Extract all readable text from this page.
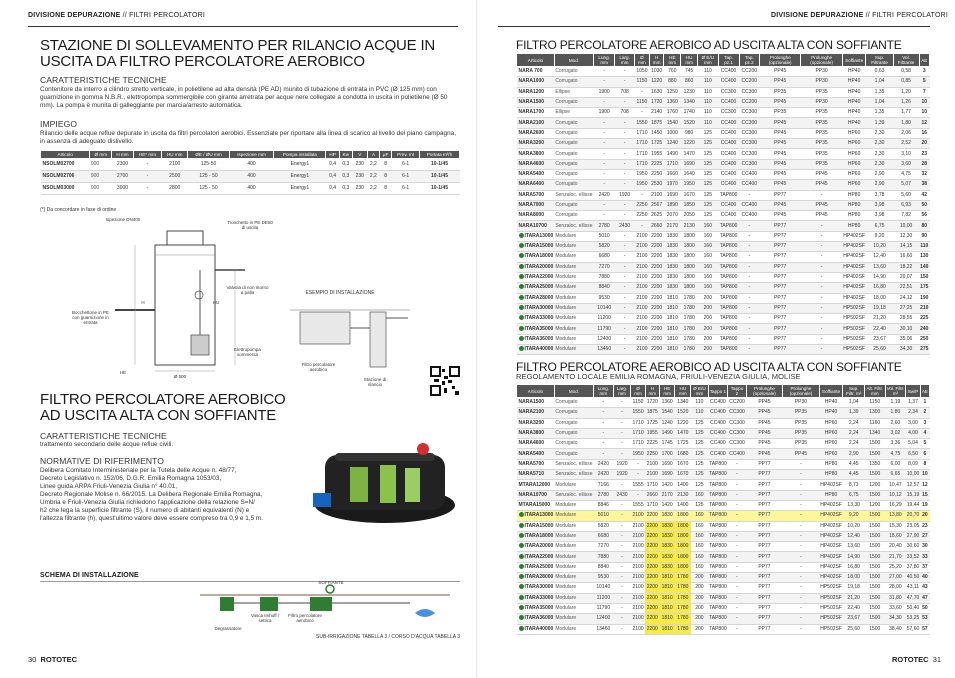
DIVISIONE DEPURAZIONE // FILTRI PERCOLATORI
STAZIONE DI SOLLEVAMENTO PER RILANCIO ACQUE IN USCITA DA FILTRO PERCOLATORE AEROBICO
CARATTERISTICHE TECNICHE
Contenitore da interro a cilindro stretto verticale, in polietilene ad alta densità (PE AD) munito di tubazione di entrata in PVC (Ø 125 mm) con guarnizione in gomma N.B.R., elettropompa sommergibile con girante arretrata per acque nere collegate a condotta in uscita in polietilene (Ø 50 mm). La pompa è munita di galleggiante per marcia/arresto automatica.
IMPIEGO
Rilancio delle acque reflue depurate in uscita da filtri percolatori aerobici. Essenziale per riportare alla linea di scarico al livello del piano campagna, in assenza di adeguato dislivello.
Articolo	Ø mm	H mm	HE* mm	HU mm	ØE / ØU mm	Ispezione mm	Pompa installata	HP	Kw	V	A	µF	Prev. mt	Portata m³/h
NSOLM02700	900	2300	-	2100	125-50	400	Energy1	0,4	0,3	230	2,2	8	6-1	10-1/45
NSOLM02706	900	2700	-	2500	125 - 50	400	Energy1	0,4	0,3	230	2,2	8	6-1	10-1/45
NSOLM03000	900	3000	-	2800	125 - 50	400	Energy1	0,4	0,3	230	2,2	8	6-1	10-1/45
(*) Da concordare in fase di ordine
Ispezione DN400
Tronchetto in PE DE50 di uscita
Valvola di non ritorno a palla
Bocchettone in PE con guarnizione in entrata
Elettropompa sommersa
H	HU
HE
Ø 500
ESEMPIO DI INSTALLAZIONE
Filtro percolatore aerobico
Stazione di rilancio
FILTRO PERCOLATORE AEROBICO AD USCITA ALTA CON SOFFIANTE
CARATTERISTICHE TECNICHE
trattamento secondario delle acque reflue civili.
NORMATIVE DI RIFERIMENTO
Delibera Comitato Interministeriale per la Tutela delle Acque n. 48/77,
Decreto Legislativo n. 152/06, D.G.R. Emilia Romagna 1053/03,
Linee guida ARPA Friuli-Venezia Giulia n° 40.01,
Decreto Regionale Molise n. 66/2015. La Delibera Regionale Emilia Romagna,
Umbria e Friuli-Venezia Giulia richiedono l'applicazione della relazione S=N/
h2 che lega la superficie filtrante (S), il numero di abitanti equivalenti (N) e
l'altezza filtrante (h), quest'ultimo valore deve essere compreso tra 0,9 e 1,5 m.
SCHEMA DI INSTALLAZIONE
SOFFIANTE
Vasca Imhoff / settica
Filtro percolatore aerobico
Degrassatore
SUB-IRRIGAZIONE TABELLA 3 / CORSO D'ACQUA TABELLA 3
30 ROTOTEC
DIVISIONE DEPURAZIONE // FILTRI PERCOLATORI
FILTRO PERCOLATORE AEROBICO AD USCITA ALTA CON SOFFIANTE
Articolo	Mod.	Lung. mm	Larg. mm	Ø mm	H mm	HE mm	HU mm	Ø E/U mm	Tap. pz.1	Tap. pz.2	Prolunghe (opzionale)	Prolunghe (opzionale)	Soffiante	Sup. Filtrante	Vol. Filtrante	AE
NARA 700	Corrugato	-	-	1050	1030	760	745	110	CC400	CC200	PP45	PP30	HP40	0,63	0,58	3
NARA1000	Corrugato	-	-	1150	1220	880	860	110	CC400	CC200	PP45	PP30	HP40	1,04	0,85	5
NARA1200	Ellipse	1900	708	-	1630	1250	1230	110	CC300	CC300	PP35	PP35	HP40	1,35	1,20	7
NARA1500	Corrugato	-	-	1150	1720	1360	1340	110	CC400	CC200	PP45	PP30	HP40	1,04	1,26	10
NARA1700	Ellipse	1900	708	-	2140	1760	1740	110	CC300	CC300	PP35	PP35	HP40	1,35	1,77	10
NARA2100	Corrugato	-	-	1550	1875	1540	1520	110	CC400	CC300	PP45	PP35	HP40	1,39	1,80	12
NARA2600	Corrugato	-	-	1710	1450	1000	980	125	CC400	CC300	PP45	PP35	HP60	2,30	2,06	16
NARA3200	Corrugato	-	-	1710	1725	1240	1220	125	CC400	CC300	PP45	PP35	HP60	2,30	2,52	20
NARA3800	Corrugato	-	-	1710	1955	1490	1470	125	CC400	CC300	PP45	PP35	HP60	2,30	3,10	23
NARA4600	Corrugato	-	-	1710	2225	1710	1690	125	CC400	CC300	PP45	PP35	HP60	2,30	3,60	28
NARA5400	Corrugato	-	-	1950	2250	1660	1640	125	CC400	CC400	PP45	PP45	HP60	2,90	4,75	32
NARA6400	Corrugato	-	-	1950	2530	1970	1950	125	CC400	CC400	PP45	PP45	HP60	2,90	5,07	38
NARA5700	Senzaloc. ellisse	2420	1920	-	2100	1690	1670	125	TAP800	-	PP77	-	HP80	3,78	5,60	42
NARA7000	Corrugato	-	-	2250	2567	1890	1850	125	CC400	CC400	PP45	PP45	HP80	3,98	6,93	50
NARA8000	Corrugato	-	-	2250	2625	2070	2050	125	CC400	CC400	PP45	PP45	HP80	3,98	7,82	56
NARA10700	Senzaloc. ellisse	2780	2430	-	2660	2170	2130	160	TAP800	-	PP77	-	HP80	6,75	10,00	80
ITARA13000	Modulare	5010	-	2100	2200	1830	1800	160	TAP800	-	PP77	-	HP402SF	9,20	12,30	90
ITARA15000	Modulare	5820	-	2100	2200	1830	1800	160	TAP800	-	PP77	-	HP402SF	10,20	14,15	110
ITARA18000	Modulare	6680	-	2100	2200	1830	1800	160	TAP800	-	PP77	-	HP402SF	12,40	16,60	130
ITARA20000	Modulare	7270	-	2100	2200	1830	1800	160	TAP800	-	PP77	-	HP402SF	13,60	18,22	140
ITARA22000	Modulare	7880	-	2100	2200	1830	1800	160	TAP800	-	PP77	-	HP402SF	14,90	20,07	150
ITARA25000	Modulare	8840	-	2100	2200	1830	1800	160	TAP800	-	PP77	-	HP402SF	16,80	22,51	175
ITARA28000	Modulare	9530	-	2100	2200	1810	1780	200	TAP800	-	PP77	-	HP402SF	18,00	24,12	190
ITARA30000	Modulare	10140	-	2100	2200	1810	1780	200	TAP800	-	PP77	-	HP502SF	19,18	27,25	210
ITARA33000	Modulare	11200	-	2100	2200	1810	1780	200	TAP800	-	PP77	-	HP502SF	21,20	28,55	225
ITARA35000	Modulare	11790	-	2100	2200	1810	1780	200	TAP800	-	PP77	-	HP502SF	22,40	30,10	240
ITARA36000	Modulare	12400	-	2100	2200	1810	1780	200	TAP800	-	PP77	-	HP502SF	23,67	35,06	250
ITARA40000	Modulare	13460	-	2100	2200	1810	1780	200	TAP800	-	PP77	-	HP502SF	25,60	34,30	275
FILTRO PERCOLATORE AEROBICO AD USCITA ALTA CON SOFFIANTE
REGOLAMENTO LOCALE EMILIA ROMAGNA, FRIULI-VENEZIA GIULIA, MOLISE
Articolo	Mod.	Lung. mm	Larg. mm	Ø mm	H mm	HE mm	HU mm	Ø E/U mm	Tappo 1	Tappo 2	Prolunghe (opzionale)	Prolunghe (opzionale)	Soffiante	Sup. Filtr. m²	Alt. Filtr. mm	Vol. Filtr. m³	Sw/P	AE
NARA1500	Corrugato	-	-	1150	1720	1360	1340	110	CC400	CC200	PP45	PP30	HP40	1,04	1150	1,19	1,37	1
NARA2100	Corrugato	-	-	1550	1875	1540	1520	110	CC400	CC300	PP45	PP35	HP40	1,39	1300	1,80	2,34	2
NARA3200	Corrugato	-	-	1710	1725	1240	1220	125	CC400	CC300	PP45	PP35	HP60	2,24	1160	2,60	3,00	3
NARA3800	Corrugato	-	-	1710	1955	1490	1470	125	CC400	CC300	PP45	PP35	HP60	2,24	1340	3,02	4,00	4
NARA4600	Corrugato	-	-	1710	2225	1745	1725	125	CC400	CC300	PP45	PP35	HP60	2,24	1500	3,36	5,04	5
NARA5400	Corrugato	-	-	1950	2250	1700	1680	125	CC400	CC400	PP45	PP45	HP60	2,90	1500	4,75	6,50	6
NARA5700	Senzaloc. ellisse	2420	1920	-	2100	1690	1670	125	TAP800	-	PP77	-	HP80	4,45	1350	6,00	8,09	8
NARA5710	Senzaloc. ellisse	2420	1920	-	2100	1690	1670	125	TAP800	-	PP77	-	HP80	4,45	1500	6,65	10,00	10
MTARA12000	Modulare	7166	-	1555	1710	1420	1400	125	TAP800	-	PP77	-	HP402SF	8,73	1200	10,47	12,57	12
NARA10700	Senzaloc. ellisse	2780	2430	-	2660	2170	2130	160	TAP800	-	PP77	-	HP80	6,75	1500	10,12	15,19	15
MTARA15000	Modulare	8846	-	1555	1710	1420	1400	125	TAP800	-	PP77	-	HP402SF	13,30	1200	16,29	19,44	19
ITARA13000	Modulare	5010	-	2100	2200	1830	1800	160	TAP800	-	PP77	-	HP402SF	9,20	1500	13,80	20,70	20
ITARA15000	Modulare	5820	-	2100	2200	1830	1800	160	TAP800	-	PP77	-	HP402SF	10,20	1500	15,30	23,05	23
ITARA18000	Modulare	6680	-	2100	2200	1830	1800	160	TAP800	-	PP77	-	HP402SF	12,40	1500	18,60	27,90	27
ITARA20000	Modulare	7270	-	2100	2200	1830	1800	160	TAP800	-	PP77	-	HP402SF	13,60	1500	20,40	30,60	30
ITARA22000	Modulare	7880	-	2100	2200	1830	1800	160	TAP800	-	PP77	-	HP402SF	14,90	1500	21,70	33,52	33
ITARA25000	Modulare	8840	-	2100	2200	1830	1800	160	TAP800	-	PP77	-	HP402SF	16,80	1500	25,20	37,80	37
ITARA28000	Modulare	9530	-	2100	2200	1810	1780	200	TAP800	-	PP77	-	HP402SF	18,00	1500	27,00	40,50	40
ITARA30000	Modulare	10140	-	2100	2200	1810	1780	200	TAP800	-	PP77	-	HP502SF	19,18	1500	28,00	43,11	43
ITARA33000	Modulare	11200	-	2100	2200	1810	1780	200	TAP800	-	PP77	-	HP502SF	21,20	1500	31,80	47,70	47
ITARA35000	Modulare	11790	-	2100	2200	1810	1780	200	TAP800	-	PP77	-	HP502SF	22,40	1500	33,60	50,40	50
ITARA36000	Modulare	12400	-	2100	2200	1810	1780	200	TAP800	-	PP77	-	HP502SF	23,67	1500	34,30	53,25	53
ITARA40000	Modulare	13460	-	2100	2200	1810	1780	200	TAP800	-	PP77	-	HP502SF	25,60	1500	38,40	57,60	57
ROTOTEC 31
